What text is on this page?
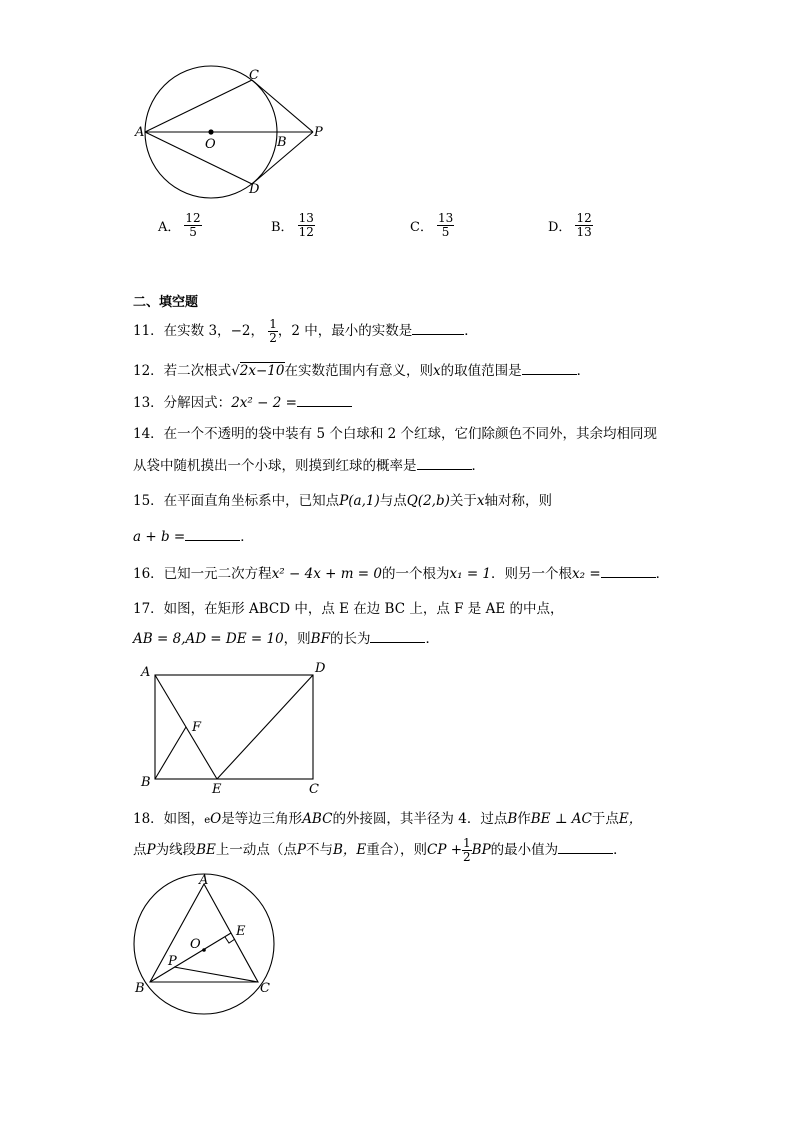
A
C
O	B
P
D
A． $\frac{12}{5}$	B． $\frac{13}{12}$	C． $\frac{13}{5}$	D． $\frac{12}{13}$
二、填空题
11．在实数 3，−2， $\frac{1}{2}$ ，2 中，最小的实数是	．
12．若二次根式√2x−10在实数范围内有意义，则x的取值范围是	．
13．分解因式：2x² − 2 =
14．在一个不透明的袋中装有 5 个白球和 2 个红球，它们除颜色不同外，其余均相同现
从袋中随机摸出一个小球，则摸到红球的概率是	．
15．在平面直角坐标系中，已知点P(a,1)与点Q(2,b)关于x轴对称，则
a + b =	．
16．已知一元二次方程x² − 4x + m = 0的一个根为x₁ = 1．则另一个根x₂ =	．
17．如图，在矩形 ABCD 中，点 E 在边 BC 上，点 F 是 AE 的中点，
AB = 8,AD = DE = 10，则BF的长为	．
A	D
F
B	E	C
18．如图，eO是等边三角形ABC的外接圆，其半径为 4．过点B作BE ⊥ AC于点E，
点P为线段BE上一动点（点P不与B，E重合），则CP + $\frac{1}{2}$ BP的最小值为	．
A
E
O
P
B	C
